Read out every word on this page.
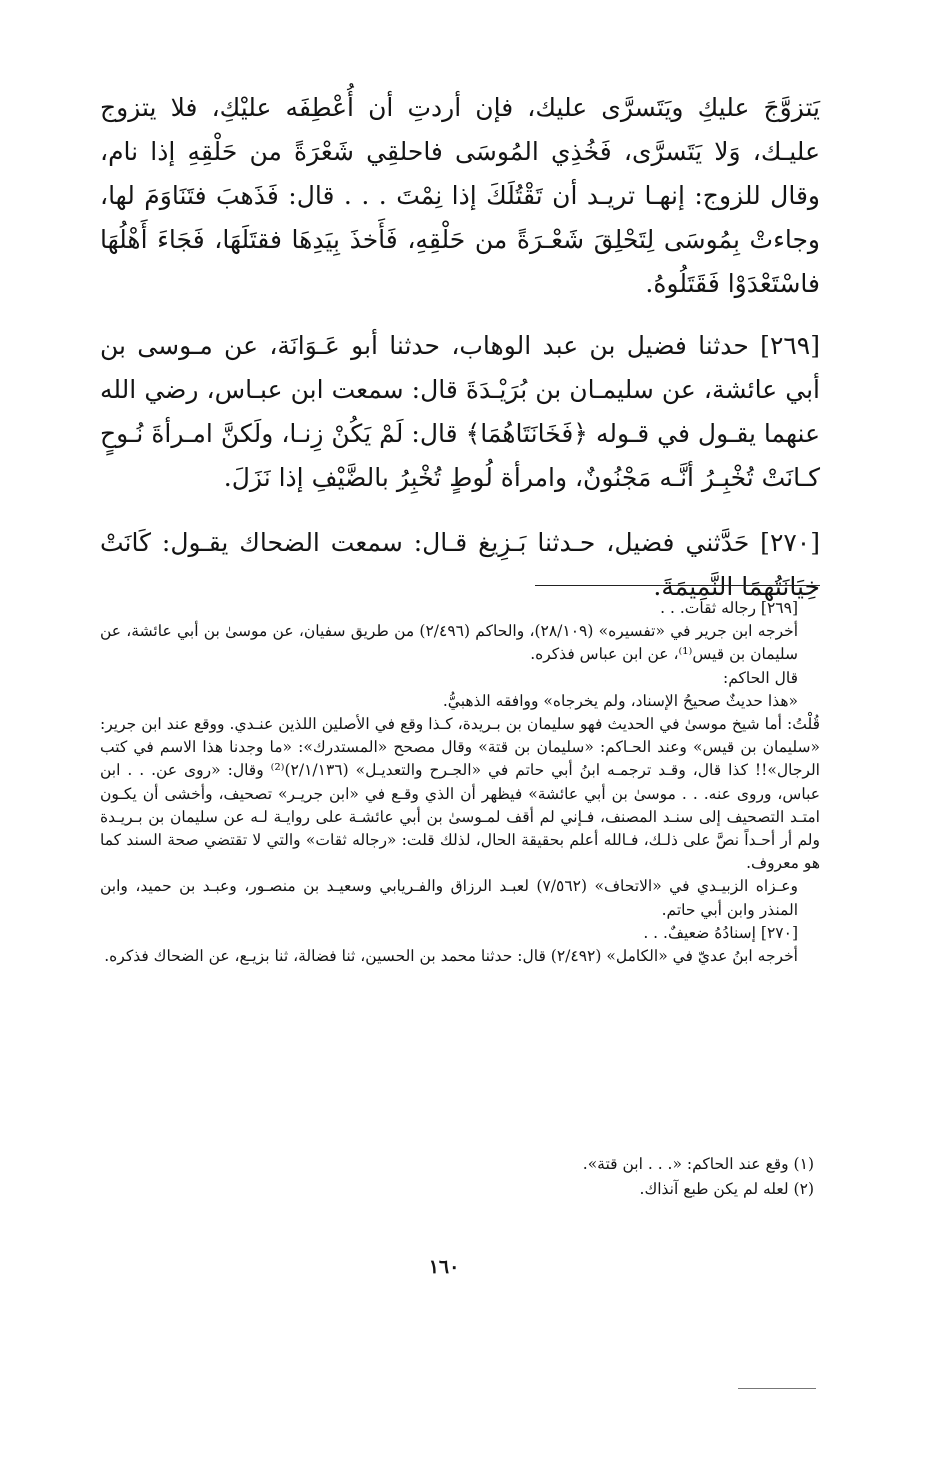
يَتزوَّجَ عليكِ ويَتَسرَّى عليك، فإن أردتِ أن أُعْطِفَه عليْكِ، فلا يتزوج عليـك، وَلا يَتَسرَّى، فَخُذِي المُوسَى فاحلقِي شَعْرَةً من حَلْقِهِ إذا نام، وقال للزوج: إنهـا تريـد أن تَقْتُلَكَ إذا نِمْتَ . . . قال: فَذَهبَ فتَنَاوَمَ لها، وجاءتْ بِمُوسَى لِتَحْلِقَ شَعْـرَةً من حَلْقِهِ، فَأَخذَ بِيَدِهَا فقتَلَهَا، فَجَاءَ أَهْلُهَا فاسْتَعْدَوْا فَقَتَلُوهُ.

[٢٦٩] حدثنا فضيل بن عبد الوهاب، حدثنا أبو عَـوَانَة، عن مـوسى بن أبي عائشة، عن سليمـان بن بُرَيْـدَةَ قال: سمعت ابن عبـاس، رضي الله عنهما يقـول في قـوله ﴿فَخَانَتَاهُمَا﴾ قال: لَمْ يَكُنْ زِنـا، ولَكنَّ امـرأةَ نُـوحٍ كـانَتْ تُخْبِـرُ أنَّـه مَجْنُونٌ، وامرأة لُوطٍ تُخْبِرُ بالضَّيْفِ إذا نَزَلَ.

[٢٧٠] حَدَّثني فضيل، حـدثنا بَـزِيغ قـال: سمعت الضحاك يقـول: كَانَتْ خِيَانَتُهمَا النَّمِيمَةَ.

[٢٦٩] رجاله ثقات. . .

أخرجه ابن جرير في «تفسيره» (٢٨/١٠٩)، والحاكم (٢/٤٩٦) من طريق سفيان، عن موسىٰ بن أبي عائشة، عن سليمان بن قيس⁽¹⁾، عن ابن عباس فذكره.

قال الحاكم:

«هذا حديثٌ صحيحُ الإسناد، ولم يخرجاه» ووافقه الذهبيُّ.

قُلْتُ: أما شيخ موسىٰ في الحديث فهو سليمان بن بـريدة، كـذا وقع في الأصلين اللذين عنـدي. ووقع عند ابن جرير: «سليمان بن قيس» وعند الحـاكم: «سليمان بن قتة» وقال مصحح «المستدرك»: «ما وجدنا هذا الاسم في كتب الرجال»!! كذا قال، وقـد ترجمـه ابنُ أبي حاتم في «الجـرح والتعديـل» (٢/١/١٣٦)⁽²⁾ وقال: «روى عن. . . ابن عباس، وروى عنه. . . موسىٰ بن أبي عائشة» فيظهر أن الذي وقـع في «ابن جريـر» تصحيف، وأخشى أن يكـون امتـد التصحيف إلى سنـد المصنف، فـإني لم أقف لمـوسىٰ بن أبي عائشـة على روايـة لـه عن سليمان بن بـريـدة ولم أر أحـداً نصَّ على ذلـك، فـالله أعلم بحقيقة الحال، لذلك قلت: «رجاله ثقات» والتي لا تقتضي صحة السند كما هو معروف.

وعـزاه الزبيـدي في «الاتحاف» (٧/٥٦٢) لعبـد الرزاق والفـريابي وسعيـد بن منصـور، وعبـد بن حميد، وابن المنذر وابن أبي حاتم.

[٢٧٠] إسنادُهُ ضعيفٌ. . .

أخرجه ابنُ عديّ في «الكامل» (٢/٤٩٢) قال: حدثنا محمد بن الحسين، ثنا فضالة، ثنا بزيـع، عن الضحاك فذكره.

(١) وقع عند الحاكم: «. . . ابن قتة».

(٢) لعله لم يكن طبع آنذاك.

١٦٠
